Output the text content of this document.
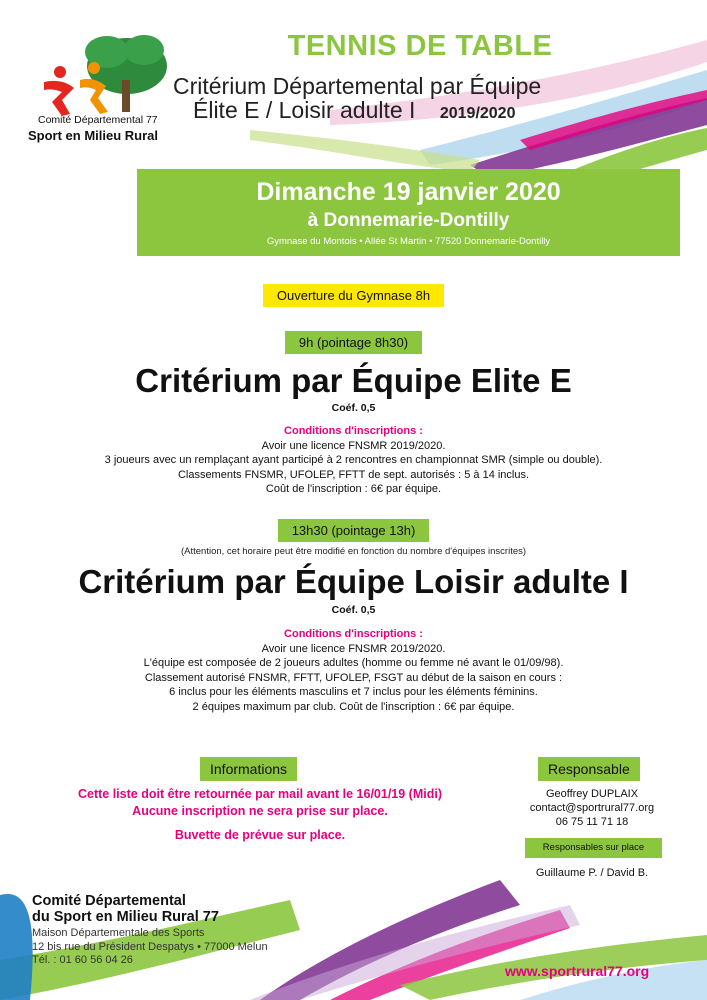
Comité Départemental 77
Sport en Milieu Rural
TENNIS DE TABLE
Critérium Départemental par Équipe
Élite E / Loisir adulte I 2019/2020
Dimanche 19 janvier 2020
à Donnemarie-Dontilly
Gymnase du Montois • Allée St Martin • 77520 Donnemarie-Dontilly
Ouverture du Gymnase 8h
9h (pointage 8h30)
Critérium par Équipe Elite E
Coéf. 0,5
Conditions d'inscriptions :
Avoir une licence FNSMR 2019/2020.
3 joueurs avec un remplaçant ayant participé à 2 rencontres en championnat SMR (simple ou double).
Classements FNSMR, UFOLEP, FFTT de sept. autorisés : 5 à 14 inclus.
Coût de l'inscription : 6€ par équipe.
13h30 (pointage 13h)
(Attention, cet horaire peut être modifié en fonction du nombre d'équipes inscrites)
Critérium par Équipe Loisir adulte I
Coéf. 0,5
Conditions d'inscriptions :
Avoir une licence FNSMR 2019/2020.
L'équipe est composée de 2 joueurs adultes (homme ou femme né avant le 01/09/98).
Classement autorisé FNSMR, FFTT, UFOLEP, FSGT au début de la saison en cours :
6 inclus pour les éléments masculins et 7 inclus pour les éléments féminins.
2 équipes maximum par club. Coût de l'inscription : 6€ par équipe.
Informations
Cette liste doit être retournée par mail avant le 16/01/19 (Midi)
Aucune inscription ne sera prise sur place.
Buvette de prévue sur place.
Responsable
Geoffrey DUPLAIX
contact@sportrural77.org
06 75 11 71 18
Responsables sur place
Guillaume P. / David B.
Comité Départemental
du Sport en Milieu Rural 77
Maison Départementale des Sports
12 bis rue du Président Despatys • 77000 Melun
Tél. : 01 60 56 04 26
www.sportrural77.org
